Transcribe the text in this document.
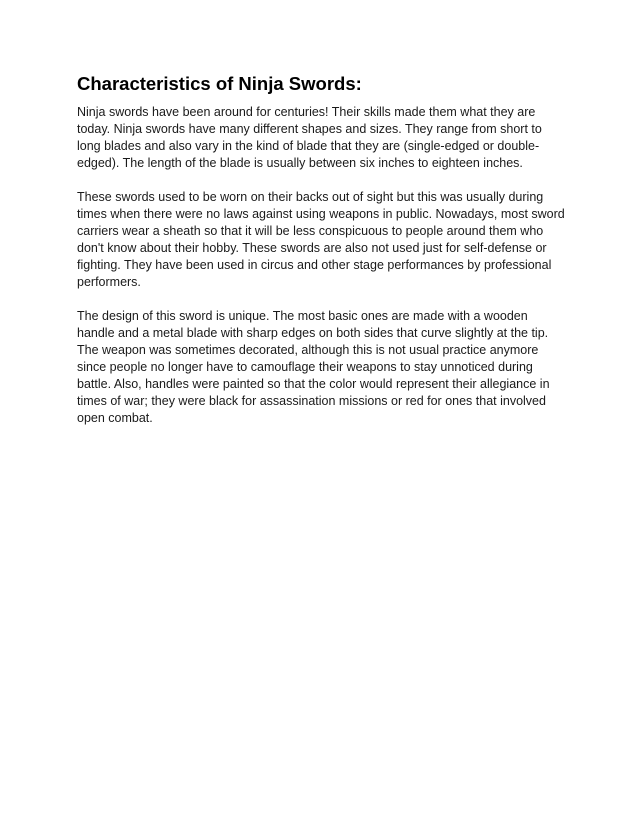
Characteristics of Ninja Swords:

Ninja swords have been around for centuries! Their skills made them what they are today. Ninja swords have many different shapes and sizes. They range from short to long blades and also vary in the kind of blade that they are (single-edged or double-edged). The length of the blade is usually between six inches to eighteen inches.

These swords used to be worn on their backs out of sight but this was usually during times when there were no laws against using weapons in public. Nowadays, most sword carriers wear a sheath so that it will be less conspicuous to people around them who don't know about their hobby. These swords are also not used just for self-defense or fighting. They have been used in circus and other stage performances by professional performers.

The design of this sword is unique. The most basic ones are made with a wooden handle and a metal blade with sharp edges on both sides that curve slightly at the tip. The weapon was sometimes decorated, although this is not usual practice anymore since people no longer have to camouflage their weapons to stay unnoticed during battle. Also, handles were painted so that the color would represent their allegiance in times of war; they were black for assassination missions or red for ones that involved open combat.
